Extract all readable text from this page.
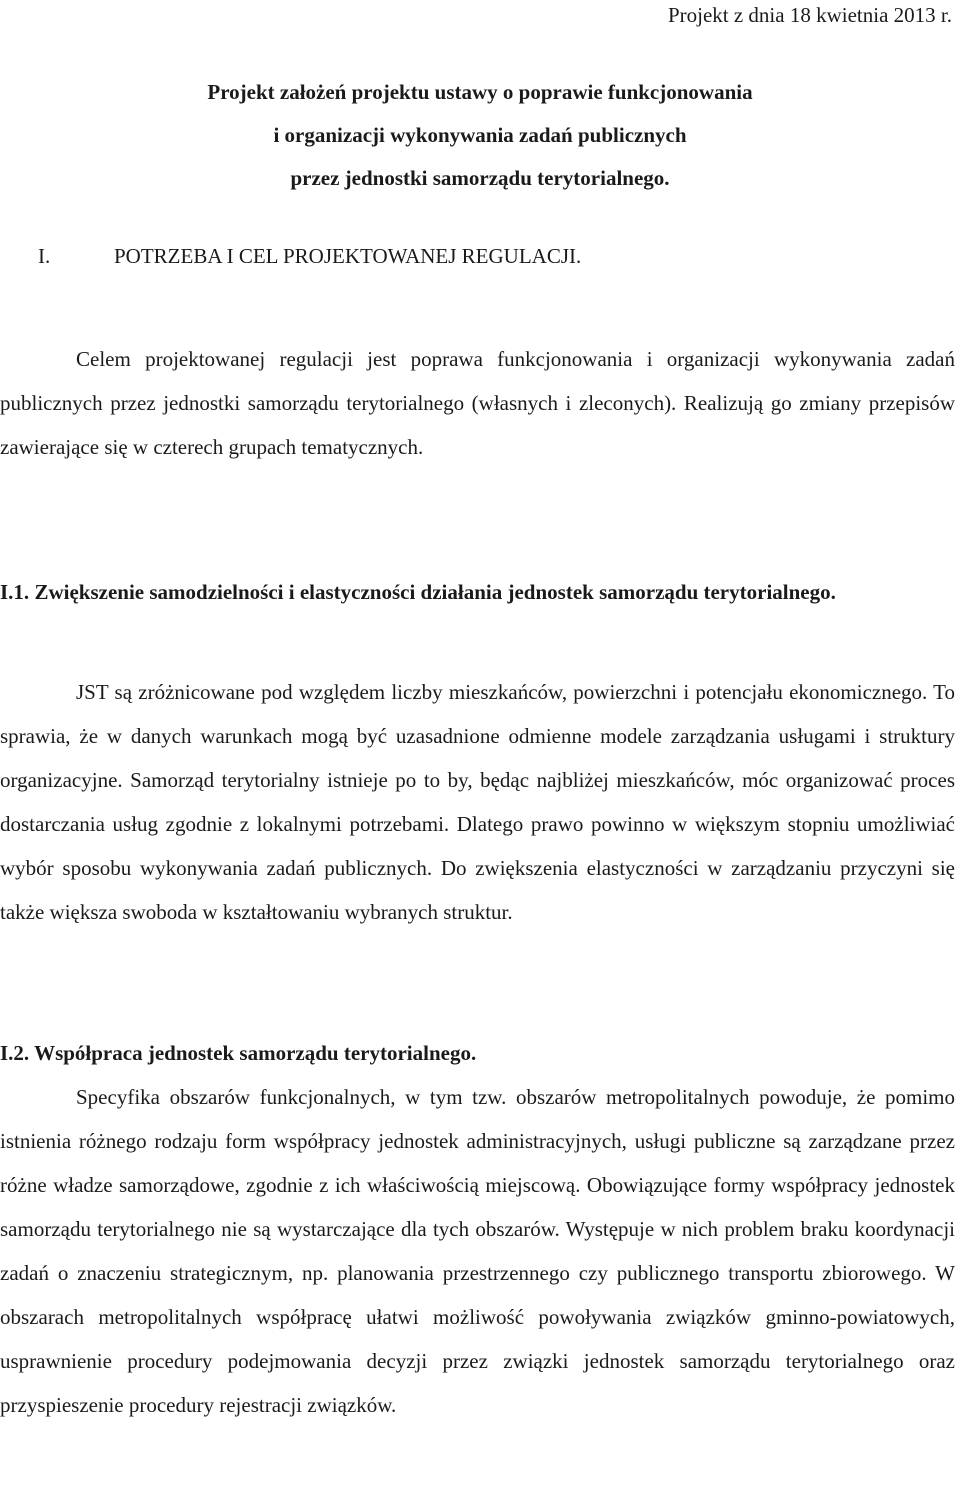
Projekt z dnia 18 kwietnia 2013 r.
Projekt założeń projektu ustawy o poprawie funkcjonowania
i organizacji wykonywania zadań publicznych
przez jednostki samorządu terytorialnego.
I.	POTRZEBA I CEL PROJEKTOWANEJ REGULACJI.
Celem projektowanej regulacji jest poprawa funkcjonowania i organizacji wykonywania zadań publicznych przez jednostki samorządu terytorialnego (własnych i zleconych). Realizują go zmiany przepisów zawierające się w czterech grupach tematycznych.
I.1. Zwiększenie samodzielności i elastyczności działania jednostek samorządu terytorialnego.
JST są zróżnicowane pod względem liczby mieszkańców, powierzchni i potencjału ekonomicznego. To sprawia, że w danych warunkach mogą być uzasadnione odmienne modele zarządzania usługami i struktury organizacyjne. Samorząd terytorialny istnieje po to by, będąc najbliżej mieszkańców, móc organizować proces dostarczania usług zgodnie z lokalnymi potrzebami. Dlatego prawo powinno w większym stopniu umożliwiać wybór sposobu wykonywania zadań publicznych. Do zwiększenia elastyczności w zarządzaniu przyczyni się także większa swoboda w kształtowaniu wybranych struktur.
I.2. Współpraca jednostek samorządu terytorialnego.
Specyfika obszarów funkcjonalnych, w tym tzw. obszarów metropolitalnych powoduje, że pomimo istnienia różnego rodzaju form współpracy jednostek administracyjnych, usługi publiczne są zarządzane przez różne władze samorządowe, zgodnie z ich właściwością miejscową. Obowiązujące formy współpracy jednostek samorządu terytorialnego nie są wystarczające dla tych obszarów. Występuje w nich problem braku koordynacji zadań o znaczeniu strategicznym, np. planowania przestrzennego czy publicznego transportu zbiorowego. W obszarach metropolitalnych współpracę ułatwi możliwość powoływania związków gminno-powiatowych, usprawnienie procedury podejmowania decyzji przez związki jednostek samorządu terytorialnego oraz przyspieszenie procedury rejestracji związków.
